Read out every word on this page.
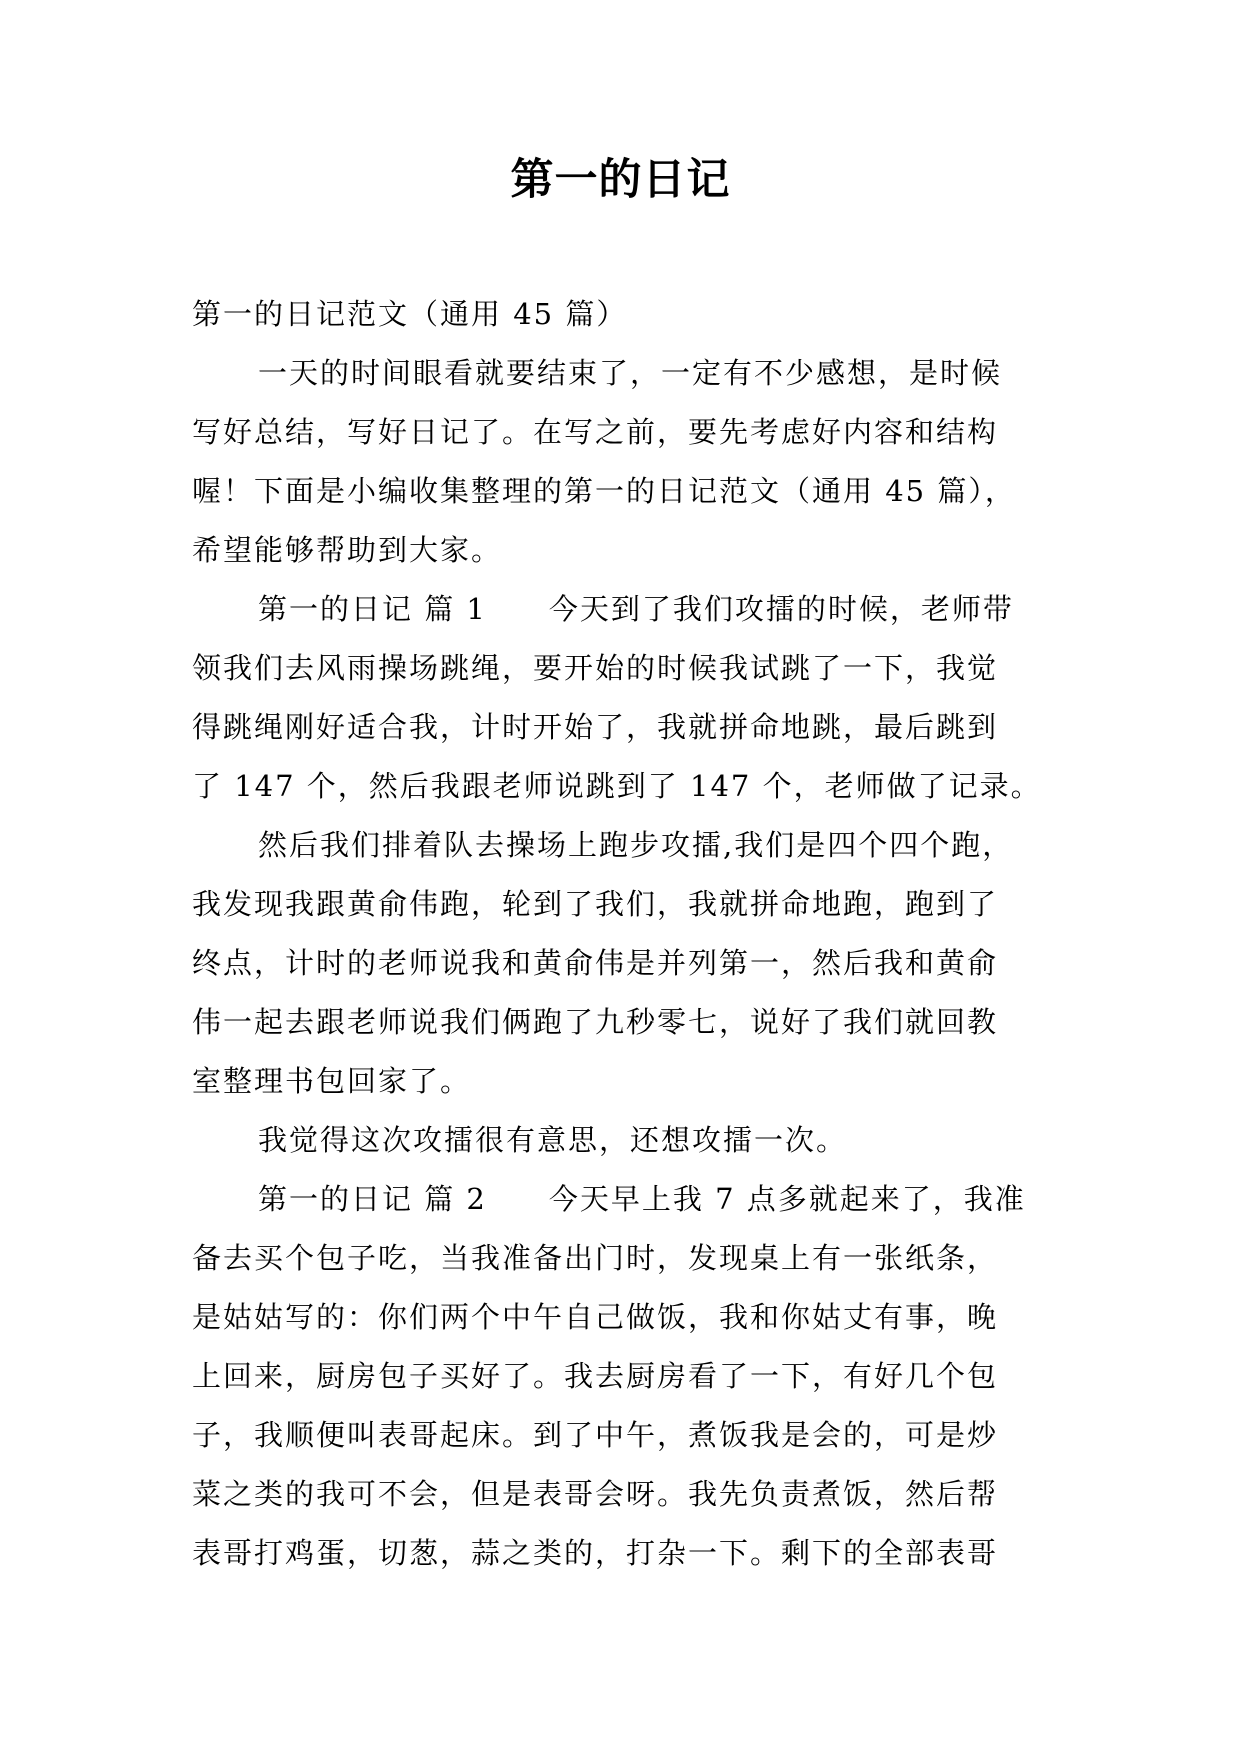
第一的日记
第一的日记范文（通用 45 篇）
一天的时间眼看就要结束了，一定有不少感想，是时候
写好总结，写好日记了。在写之前，要先考虑好内容和结构
喔！下面是小编收集整理的第一的日记范文（通用 45 篇），
希望能够帮助到大家。
第一的日记 篇 1 今天到了我们攻擂的时候，老师带
领我们去风雨操场跳绳，要开始的时候我试跳了一下，我觉
得跳绳刚好适合我，计时开始了，我就拼命地跳，最后跳到
了 147 个，然后我跟老师说跳到了 147 个，老师做了记录。
然后我们排着队去操场上跑步攻擂,我们是四个四个跑，
我发现我跟黄俞伟跑，轮到了我们，我就拼命地跑，跑到了
终点，计时的老师说我和黄俞伟是并列第一，然后我和黄俞
伟一起去跟老师说我们俩跑了九秒零七，说好了我们就回教
室整理书包回家了。
我觉得这次攻擂很有意思，还想攻擂一次。
第一的日记 篇 2 今天早上我 7 点多就起来了，我准
备去买个包子吃，当我准备出门时，发现桌上有一张纸条，
是姑姑写的：你们两个中午自己做饭，我和你姑丈有事，晚
上回来，厨房包子买好了。我去厨房看了一下，有好几个包
子，我顺便叫表哥起床。到了中午，煮饭我是会的，可是炒
菜之类的我可不会，但是表哥会呀。我先负责煮饭，然后帮
表哥打鸡蛋，切葱，蒜之类的，打杂一下。剩下的全部表哥
